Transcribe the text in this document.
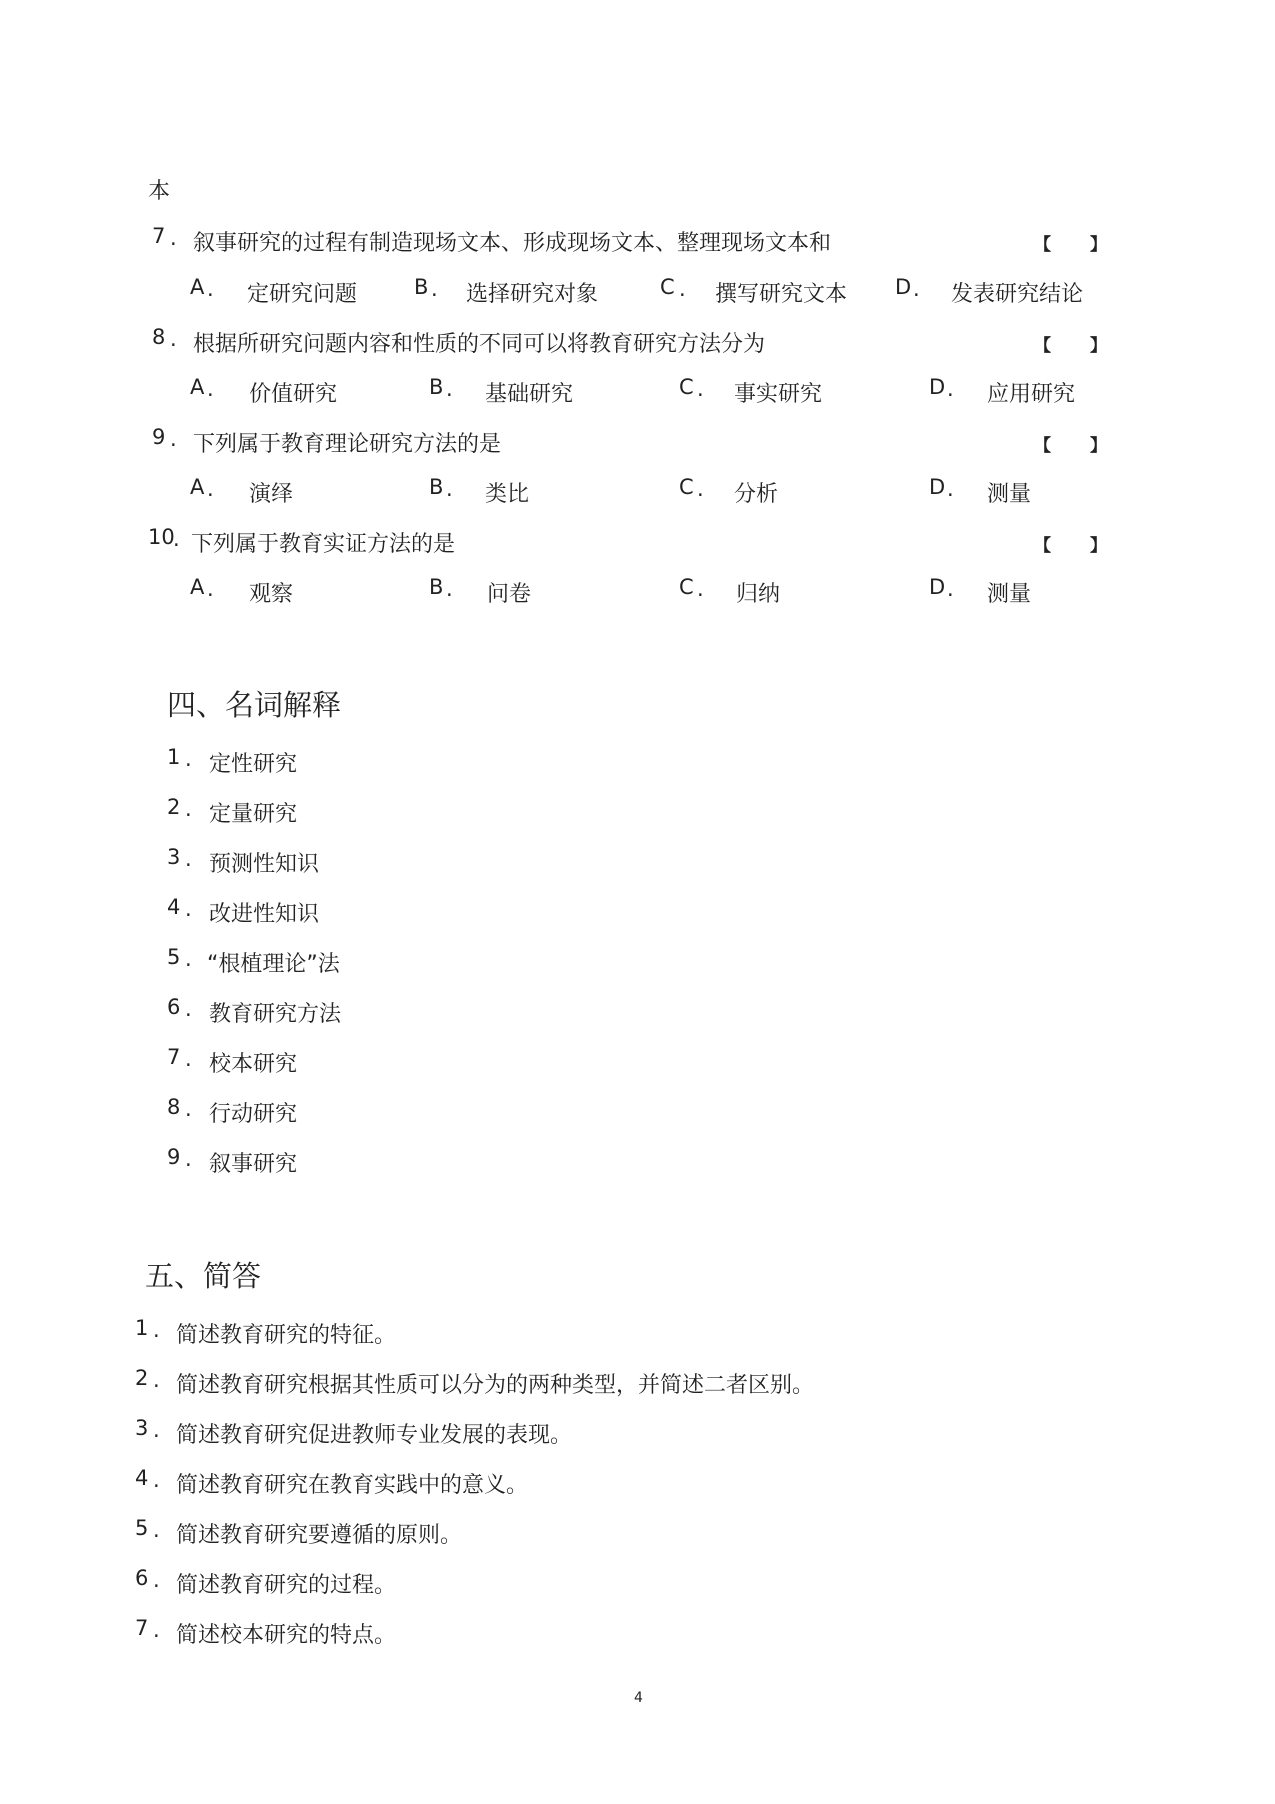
本
7 . 叙事研究的过程有制造现场文本、形成现场文本、整理现场文本和	【 】
A . 定研究问题	B . 选择研究对象	C . 撰写研究文本 D . 发表研究结论
8 . 根据所研究问题内容和性质的不同可以将教育研究方法分为	【 】
A . 价值研究	B . 基础研究	C . 事实研究	D . 应用研究
9 . 下列属于教育理论研究方法的是	【 】
A . 演绎	B . 类比	C . 分析	D . 测量
10
. 下列属于教育实证方法的是	【 】
A . 观察	B . 问卷	C . 归纳	D . 测量
四、名词解释
1 . 定性研究
2 . 定量研究
3 . 预测性知识
4 . 改进性知识
5 . “根植理论”法
6 . 教育研究方法
7 . 校本研究
8 . 行动研究
9 . 叙事研究
五、简答
1 . 简述教育研究的特征。
2 . 简述教育研究根据其性质可以分为的两种类型，并简述二者区别。
3 . 简述教育研究促进教师专业发展的表现。
4 . 简述教育研究在教育实践中的意义。
5 . 简述教育研究要遵循的原则。
6 . 简述教育研究的过程。
7 . 简述校本研究的特点。
4
